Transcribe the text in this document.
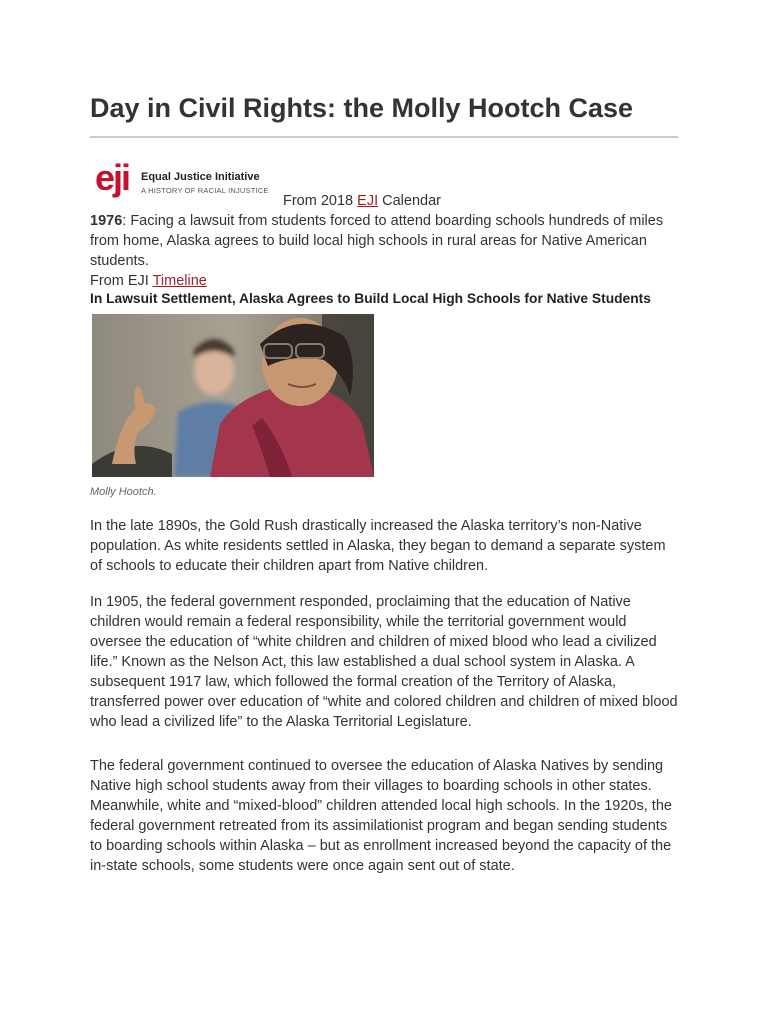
Day in Civil Rights: the Molly Hootch Case
eji Equal Justice Initiative
A HISTORY OF RACIAL INJUSTICE
From 2018 EJI Calendar
1976: Facing a lawsuit from students forced to attend boarding schools hundreds of miles from home, Alaska agrees to build local high schools in rural areas for Native American students.
From EJI Timeline
In Lawsuit Settlement, Alaska Agrees to Build Local High Schools for Native Students
Molly Hootch.

In the late 1890s, the Gold Rush drastically increased the Alaska territory’s non-Native population. As white residents settled in Alaska, they began to demand a separate system of schools to educate their children apart from Native children.

In 1905, the federal government responded, proclaiming that the education of Native children would remain a federal responsibility, while the territorial government would oversee the education of “white children and children of mixed blood who lead a civilized life.” Known as the Nelson Act, this law established a dual school system in Alaska. A subsequent 1917 law, which followed the formal creation of the Territory of Alaska, transferred power over education of “white and colored children and children of mixed blood who lead a civilized life” to the Alaska Territorial Legislature.

The federal government continued to oversee the education of Alaska Natives by sending Native high school students away from their villages to boarding schools in other states. Meanwhile, white and “mixed-blood” children attended local high schools. In the 1920s, the federal government retreated from its assimilationist program and began sending students to boarding schools within Alaska – but as enrollment increased beyond the capacity of the in-state schools, some students were once again sent out of state.
